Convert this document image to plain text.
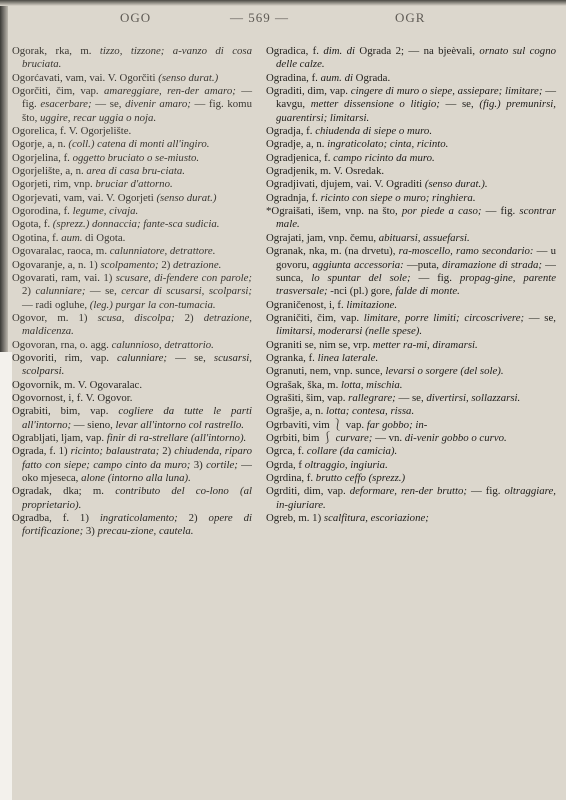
OGO	— 569 —	OGR

Ogorak, rka, m. tizzo, tizzone; a-vanzo di cosa bruciata.

Ogorćavati, vam, vai. V. Ogorčiti (senso durat.)

Ogorčiti, čim, vap. amareggiare, ren-der amaro; — fig. esacerbare; — se, divenir amaro; — fig. komu što, uggire, recar uggia o noja.

Ogorelica, f. V. Ogorjelište.

Ogorje, a, n. (coll.) catena di monti all'ingiro.

Ogorjelina, f. oggetto bruciato o se-miusto.

Ogorjelište, a, n. area di casa bru-ciata.

Ogorjeti, rim, vnp. bruciar d'attorno.

Ogorjevati, vam, vai. V. Ogorjeti (senso durat.)

Ogorodina, f. legume, civaja.

Ogota, f. (sprezz.) donnaccia; fante-sca sudicia.

Ogotina, f. aum. di Ogota.

Ogovaralac, raoca, m. calunniatore, detrattore.

Ogovaranje, a, n. 1) scolpamento; 2) detrazione.

Ogovarati, ram, vai. 1) scusare, di-fendere con parole; 2) calunniare; — se, cercar di scusarsi, scolparsi; — radi ogluhe, (leg.) purgar la con-tumacia.

Ogovor, m. 1) scusa, discolpa; 2) detrazione, maldicenza.

Ogovoran, rna, o. agg. calunnioso, detrattorio.

Ogovoriti, rim, vap. calunniare; — se, scusarsi, scolparsi.

Ogovornik, m. V. Ogovaralac.

Ogovornost, i, f. V. Ogovor.

Ograbiti, bim, vap. cogliere da tutte le parti all'intorno; — sieno, levar all'intorno col rastrello.

Ograbljati, ljam, vap. finir di ra-strellare (all'intorno).

Ograda, f. 1) ricinto; balaustrata; 2) chiudenda, riparo fatto con siepe; campo cinto da muro; 3) cortile; — oko mjeseca, alone (intorno alla luna).

Ogradak, dka; m. contributo del co-lono (al proprietario).

Ogradba, f. 1) ingraticolamento; 2) opere di fortificazione; 3) precau-zione, cautela.

Ogradica, f. dim. di Ograda 2; — na bjeèvali, ornato sul cogno delle calze.

Ogradina, f. aum. di Ograda.

Ograditi, dim, vap. cingere di muro o siepe, assiepare; limitare; — kavgu, metter dissensione o litigio; — se, (fig.) premunirsi, guarentirsi; limitarsi.

Ogradja, f. chiudenda di siepe o muro.

Ogradje, a, n. ingraticolato; cinta, ricinto.

Ogradjenica, f. campo ricinto da muro.

Ogradjenik, m. V. Osredak.

Ogradjivati, djujem, vai. V. Ograditi (senso durat.).

Ogradnja, f. ricinto con siepe o muro; ringhiera.

*Ograišati, išem, vnp. na što, por piede a caso; — fig. scontrar male.

Ograjati, jam, vnp. čemu, abituarsi, assuefarsi.

Ogranak, nka, m. (na drvetu), ra-moscello, ramo secondario: — u govoru, aggiunta accessoria: —puta, diramazione di strada; — sunca, lo spuntar del sole; — fig. propag-gine, parente trasversale; -nci (pl.) gore, falde di monte.

Ograničenost, i, f. limitazione.

Ograničiti, čim, vap. limitare, porre limiti; circoscrivere; — se, limitarsi, moderarsi (nelle spese).

Ograniti se, nim se, vrp. metter ra-mi, diramarsi.

Ogranka, f. linea laterale.

Ogranuti, nem, vnp. sunce, levarsi o sorgere (del sole).

Ograšak, ška, m. lotta, mischia.

Ograšiti, šim, vap. rallegrare; — se, divertirsi, sollazzarsi.

Ograšje, a, n. lotta; contesa, rissa.

Ogrbaviti, vim ⎱ vap. far gobbo; in-

Ogrbiti, bim ⎰ curvare; — vn. di-venir gobbo o curvo.

Ogrca, f. collare (da camicia).

Ogrda, f oltraggio, ingiuria.

Ogrdina, f. brutto ceffo (sprezz.)

Ogrditi, dim, vap. deformare, ren-der brutto; — fig. oltraggiare, in-giuriare.

Ogreb, m. 1) scalfitura, escoriazione;
